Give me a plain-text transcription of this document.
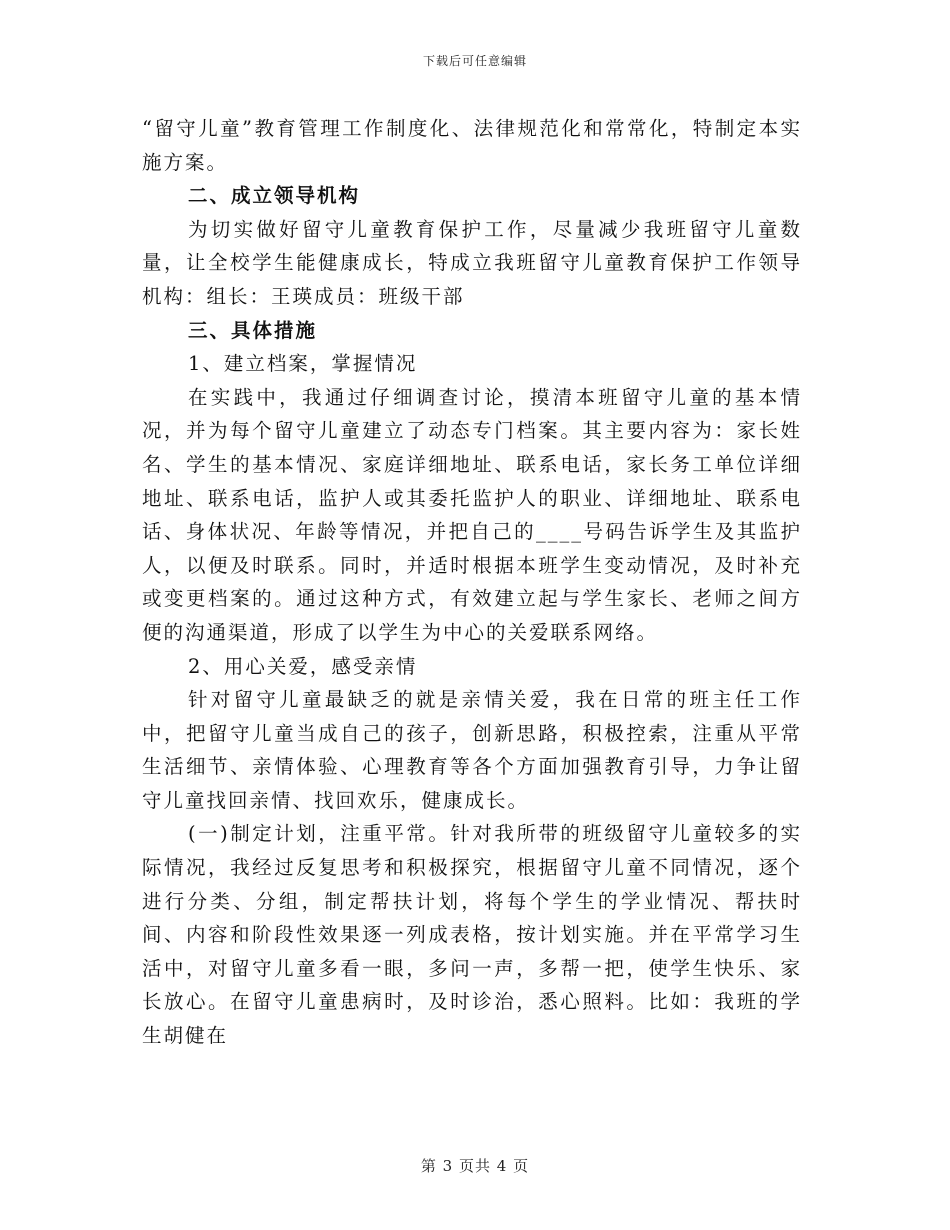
下载后可任意编辑

“留守儿童”教育管理工作制度化、法律规范化和常常化，特制定本实施方案。

二、成立领导机构

为切实做好留守儿童教育保护工作，尽量减少我班留守儿童数量，让全校学生能健康成长，特成立我班留守儿童教育保护工作领导机构：组长：王瑛成员：班级干部

三、具体措施

1、建立档案，掌握情况

在实践中，我通过仔细调查讨论，摸清本班留守儿童的基本情况，并为每个留守儿童建立了动态专门档案。其主要内容为：家长姓名、学生的基本情况、家庭详细地址、联系电话，家长务工单位详细地址、联系电话，监护人或其委托监护人的职业、详细地址、联系电话、身体状况、年龄等情况，并把自己的____号码告诉学生及其监护人，以便及时联系。同时，并适时根据本班学生变动情况，及时补充或变更档案的。通过这种方式，有效建立起与学生家长、老师之间方便的沟通渠道，形成了以学生为中心的关爱联系网络。

2、用心关爱，感受亲情

针对留守儿童最缺乏的就是亲情关爱，我在日常的班主任工作中，把留守儿童当成自己的孩子，创新思路，积极控索，注重从平常生活细节、亲情体验、心理教育等各个方面加强教育引导，力争让留守儿童找回亲情、找回欢乐，健康成长。

(一)制定计划，注重平常。针对我所带的班级留守儿童较多的实际情况，我经过反复思考和积极探究，根据留守儿童不同情况，逐个进行分类、分组，制定帮扶计划，将每个学生的学业情况、帮扶时间、内容和阶段性效果逐一列成表格，按计划实施。并在平常学习生活中，对留守儿童多看一眼，多问一声，多帮一把，使学生快乐、家长放心。在留守儿童患病时，及时诊治，悉心照料。比如：我班的学生胡健在

第 3 页共 4 页
